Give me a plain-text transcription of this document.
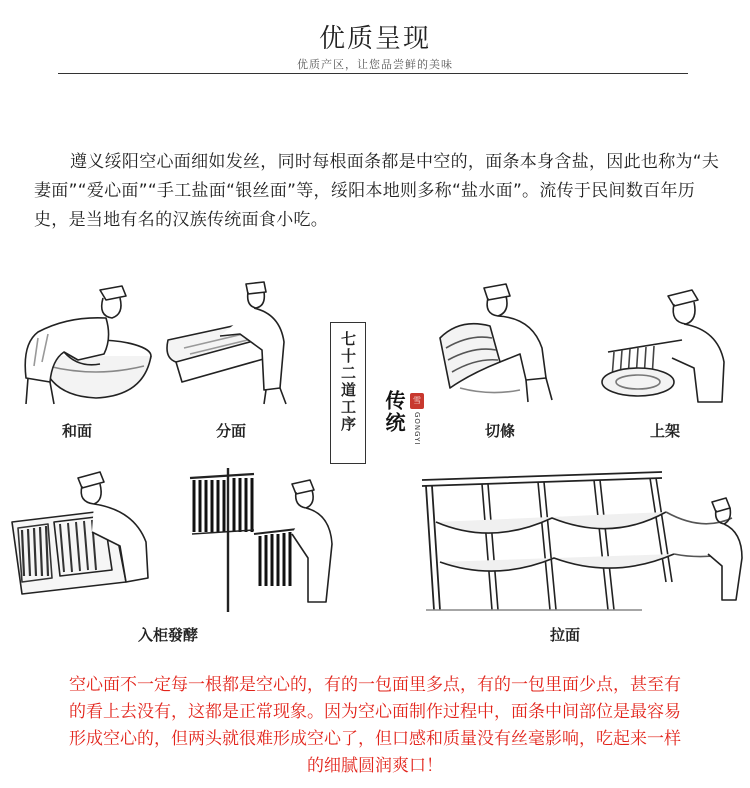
优质呈现
优质产区，让您品尝鲜的美味
遵义绥阳空心面细如发丝，同时每根面条都是中空的，面条本身含盐，因此也称为“夫妻面”“爱心面”“手工盐面“银丝面”等，绥阳本地则多称“盐水面”。流传于民间数百年历史，是当地有名的汉族传统面食小吃。
和面	分面	七十二道工序 传统 雪
GONGYI	切條	上架
入柜發酵	拉面
空心面不一定每一根都是空心的，有的一包面里多点，有的一包里面少点，甚至有
的看上去没有，这都是正常现象。因为空心面制作过程中，面条中间部位是最容易
形成空心的，但两头就很难形成空心了，但口感和质量没有丝毫影响，吃起来一样
的细腻圆润爽口！
